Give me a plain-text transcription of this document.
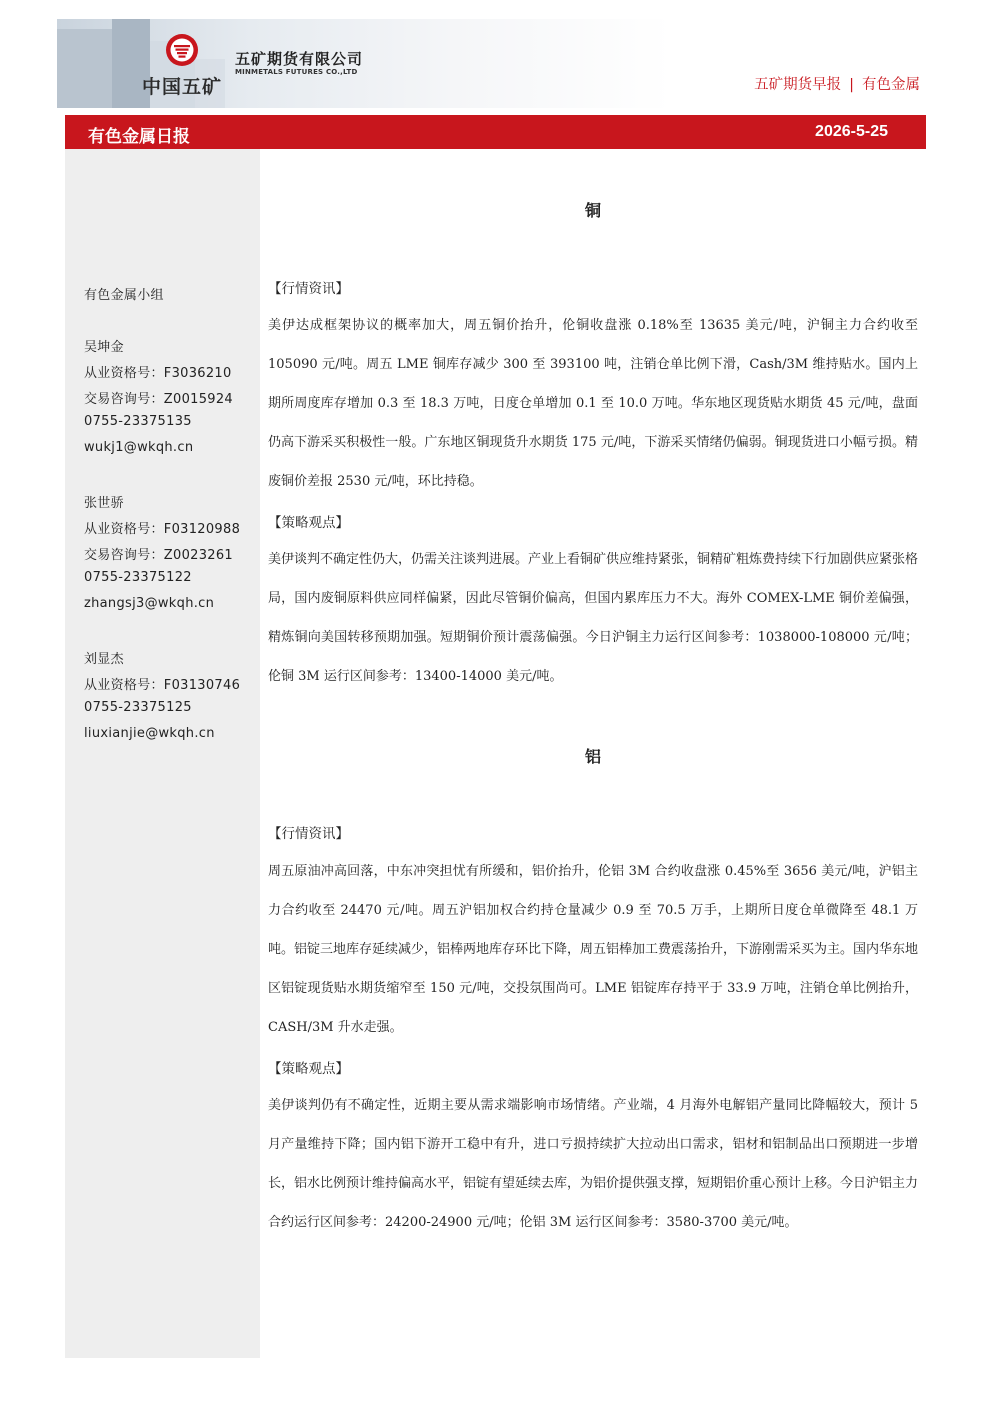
中国五矿
五矿期货有限公司
MINMETALS FUTURES CO.,LTD
五矿期货早报 | 有色金属
有色金属日报	2026-5-25
有色金属小组
吴坤金
从业资格号：F3036210
交易咨询号：Z0015924
0755-23375135
wukj1@wkqh.cn
张世骄
从业资格号：F03120988
交易咨询号：Z0023261
0755-23375122
zhangsj3@wkqh.cn
刘显杰
从业资格号：F03130746
0755-23375125
liuxianjie@wkqh.cn
铜
【行情资讯】
美伊达成框架协议的概率加大，周五铜价抬升，伦铜收盘涨 0.18%至 13635 美元/吨，沪铜主力合约收至 105090 元/吨。周五 LME 铜库存减少 300 至 393100 吨，注销仓单比例下滑，Cash/3M 维持贴水。国内上期所周度库存增加 0.3 至 18.3 万吨，日度仓单增加 0.1 至 10.0 万吨。华东地区现货贴水期货 45 元/吨，盘面仍高下游采买积极性一般。广东地区铜现货升水期货 175 元/吨，下游采买情绪仍偏弱。铜现货进口小幅亏损。精废铜价差报 2530 元/吨，环比持稳。
【策略观点】
美伊谈判不确定性仍大，仍需关注谈判进展。产业上看铜矿供应维持紧张，铜精矿粗炼费持续下行加剧供应紧张格局，国内废铜原料供应同样偏紧，因此尽管铜价偏高，但国内累库压力不大。海外 COMEX-LME 铜价差偏强，精炼铜向美国转移预期加强。短期铜价预计震荡偏强。今日沪铜主力运行区间参考：1038000-108000 元/吨；伦铜 3M 运行区间参考：13400-14000 美元/吨。
铝
【行情资讯】
周五原油冲高回落，中东冲突担忧有所缓和，铝价抬升，伦铝 3M 合约收盘涨 0.45%至 3656 美元/吨，沪铝主力合约收至 24470 元/吨。周五沪铝加权合约持仓量减少 0.9 至 70.5 万手，上期所日度仓单微降至 48.1 万吨。铝锭三地库存延续减少，铝棒两地库存环比下降，周五铝棒加工费震荡抬升，下游刚需采买为主。国内华东地区铝锭现货贴水期货缩窄至 150 元/吨，交投氛围尚可。LME 铝锭库存持平于 33.9 万吨，注销仓单比例抬升，CASH/3M 升水走强。
【策略观点】
美伊谈判仍有不确定性，近期主要从需求端影响市场情绪。产业端，4 月海外电解铝产量同比降幅较大，预计 5 月产量维持下降；国内铝下游开工稳中有升，进口亏损持续扩大拉动出口需求，铝材和铝制品出口预期进一步增长，铝水比例预计维持偏高水平，铝锭有望延续去库，为铝价提供强支撑，短期铝价重心预计上移。今日沪铝主力合约运行区间参考：24200-24900 元/吨；伦铝 3M 运行区间参考：3580-3700 美元/吨。
